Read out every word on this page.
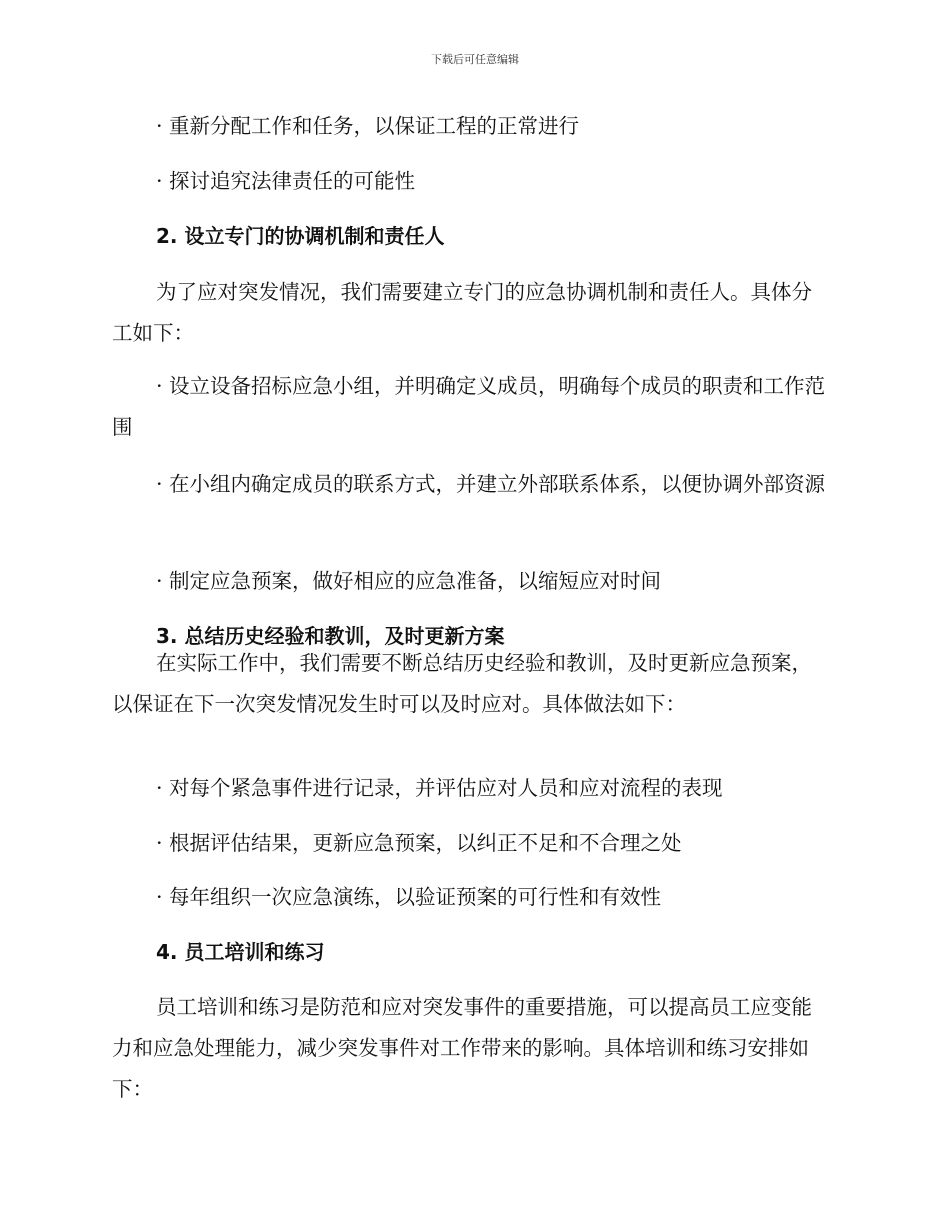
下载后可任意编辑
· 重新分配工作和任务，以保证工程的正常进行
· 探讨追究法律责任的可能性
2. 设立专门的协调机制和责任人
为了应对突发情况，我们需要建立专门的应急协调机制和责任人。具体分工如下：
· 设立设备招标应急小组，并明确定义成员，明确每个成员的职责和工作范围
· 在小组内确定成员的联系方式，并建立外部联系体系，以便协调外部资源
· 制定应急预案，做好相应的应急准备，以缩短应对时间
3. 总结历史经验和教训，及时更新方案
在实际工作中，我们需要不断总结历史经验和教训，及时更新应急预案，以保证在下一次突发情况发生时可以及时应对。具体做法如下：
· 对每个紧急事件进行记录，并评估应对人员和应对流程的表现
· 根据评估结果，更新应急预案，以纠正不足和不合理之处
· 每年组织一次应急演练，以验证预案的可行性和有效性
4. 员工培训和练习
员工培训和练习是防范和应对突发事件的重要措施，可以提高员工应变能力和应急处理能力，减少突发事件对工作带来的影响。具体培训和练习安排如下：
